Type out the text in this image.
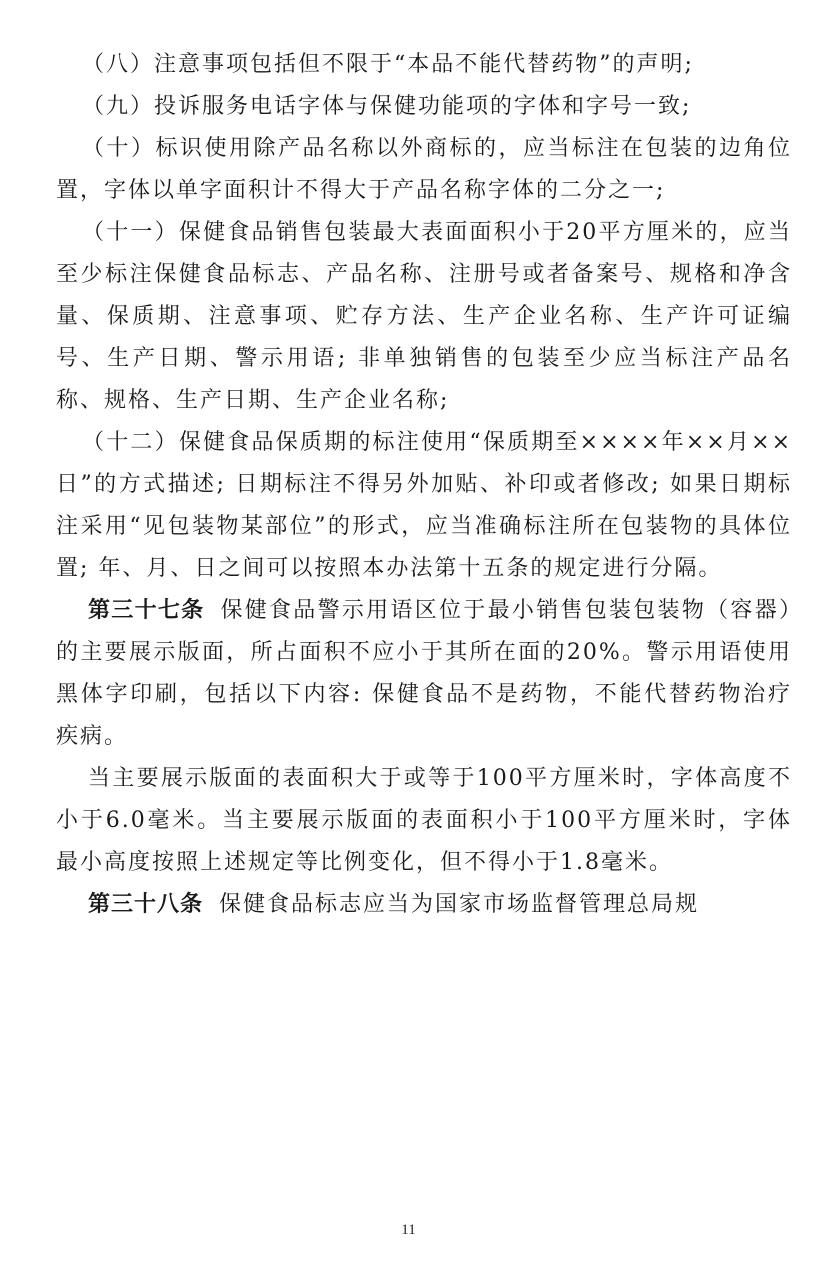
（八）注意事项包括但不限于“本品不能代替药物”的声明;

（九）投诉服务电话字体与保健功能项的字体和字号一致;

（十）标识使用除产品名称以外商标的，应当标注在包装的边角位置，字体以单字面积计不得大于产品名称字体的二分之一;

（十一）保健食品销售包装最大表面面积小于20平方厘米的，应当至少标注保健食品标志、产品名称、注册号或者备案号、规格和净含量、保质期、注意事项、贮存方法、生产企业名称、生产许可证编号、生产日期、警示用语; 非单独销售的包装至少应当标注产品名称、规格、生产日期、生产企业名称;

（十二）保健食品保质期的标注使用“保质期至××××年××月××日”的方式描述; 日期标注不得另外加贴、补印或者修改; 如果日期标注采用“见包装物某部位”的形式，应当准确标注所在包装物的具体位置; 年、月、日之间可以按照本办法第十五条的规定进行分隔。

第三十七条 保健食品警示用语区位于最小销售包装包装物（容器）的主要展示版面，所占面积不应小于其所在面的20%。警示用语使用黑体字印刷，包括以下内容: 保健食品不是药物，不能代替药物治疗疾病。

当主要展示版面的表面积大于或等于100平方厘米时，字体高度不小于6.0毫米。当主要展示版面的表面积小于100平方厘米时，字体最小高度按照上述规定等比例变化，但不得小于1.8毫米。

第三十八条 保健食品标志应当为国家市场监督管理总局规

11
